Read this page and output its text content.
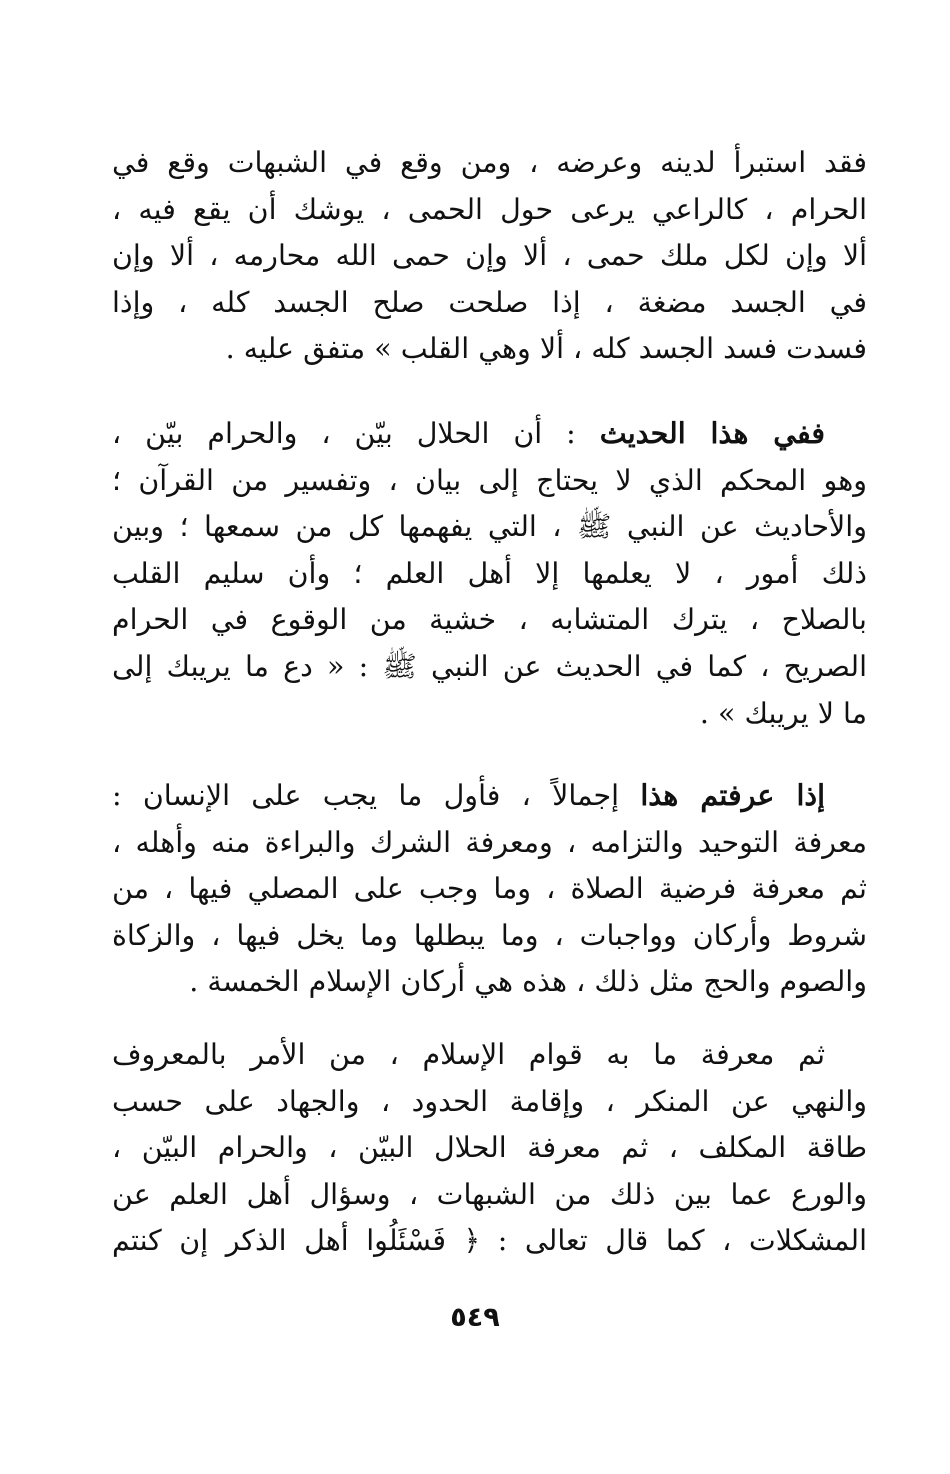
فقد استبرأ لدينه وعرضه ، ومن وقع في الشبهات وقع في
الحرام ، كالراعي يرعى حول الحمى ، يوشك أن يقع فيه ،
ألا وإن لكل ملك حمى ، ألا وإن حمى الله محارمه ، ألا وإن
في الجسد مضغة ، إذا صلحت صلح الجسد كله ، وإذا
فسدت فسد الجسد كله ، ألا وهي القلب » متفق عليه .
ففي هذا الحديث : أن الحلال بيّن ، والحرام بيّن ،
وهو المحكم الذي لا يحتاج إلى بيان ، وتفسير من القرآن ؛
والأحاديث عن النبي ﷺ ، التي يفهمها كل من سمعها ؛ وبين
ذلك أمور ، لا يعلمها إلا أهل العلم ؛ وأن سليم القلب
بالصلاح ، يترك المتشابه ، خشية من الوقوع في الحرام
الصريح ، كما في الحديث عن النبي ﷺ : « دع ما يريبك إلى
ما لا يريبك » .
إذا عرفتم هذا إجمالاً ، فأول ما يجب على الإنسان :
معرفة التوحيد والتزامه ، ومعرفة الشرك والبراءة منه وأهله ،
ثم معرفة فرضية الصلاة ، وما وجب على المصلي فيها ، من
شروط وأركان وواجبات ، وما يبطلها وما يخل فيها ، والزكاة
والصوم والحج مثل ذلك ، هذه هي أركان الإسلام الخمسة .
ثم معرفة ما به قوام الإسلام ، من الأمر بالمعروف
والنهي عن المنكر ، وإقامة الحدود ، والجهاد على حسب
طاقة المكلف ، ثم معرفة الحلال البيّن ، والحرام البيّن ،
والورع عما بين ذلك من الشبهات ، وسؤال أهل العلم عن
المشكلات ، كما قال تعالى : ﴿ فَسْئَلُوا أهل الذكر إن كنتم
٥٤٩
